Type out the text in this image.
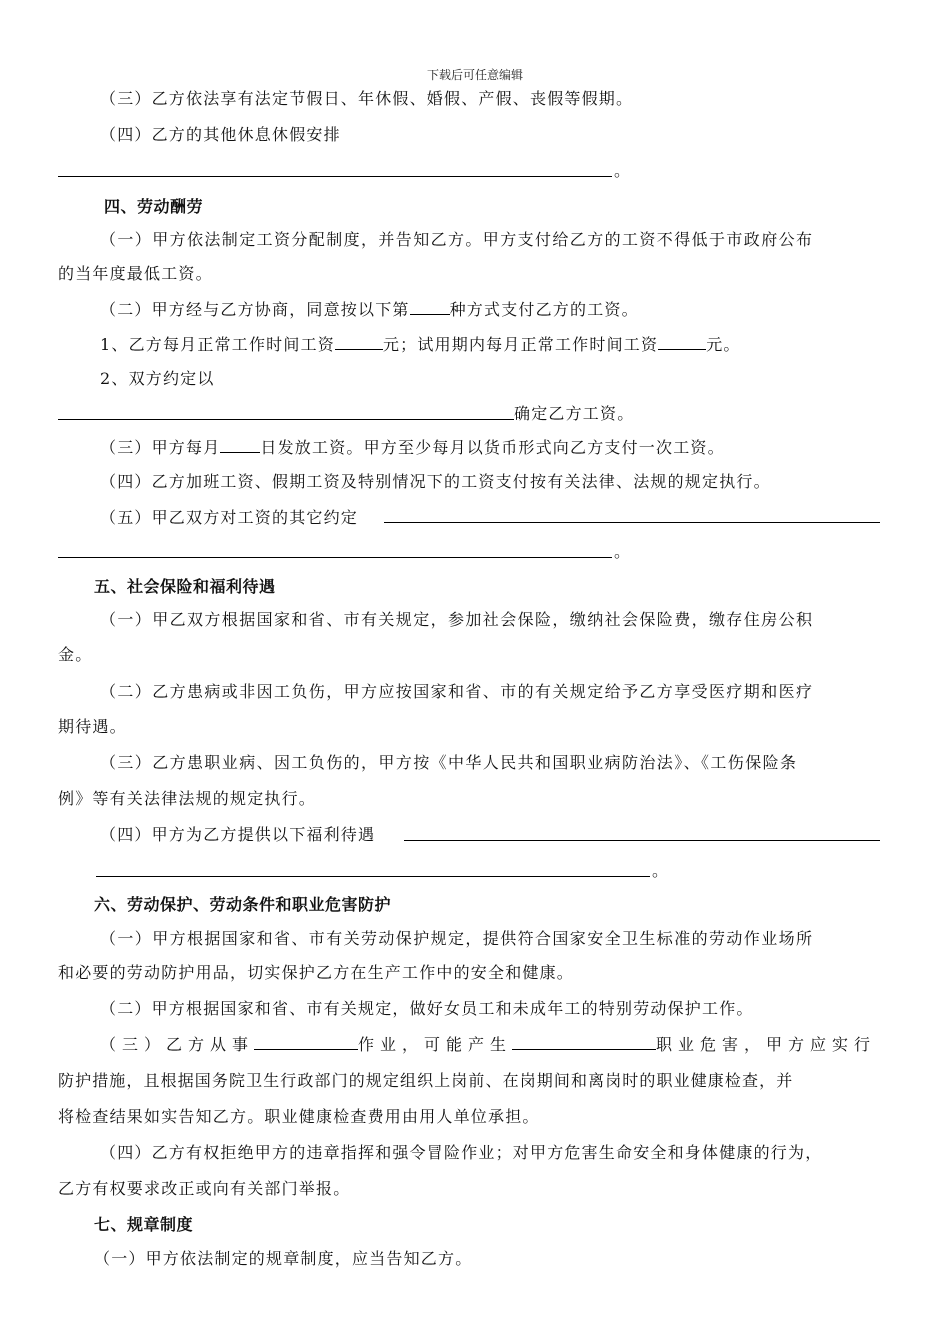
下载后可任意编辑
（三）乙方依法享有法定节假日、年休假、婚假、产假、丧假等假期。
（四）乙方的其他休息休假安排
。
四、劳动酬劳
（一）甲方依法制定工资分配制度，并告知乙方。甲方支付给乙方的工资不得低于市政府公布
的当年度最低工资。
（二）甲方经与乙方协商，同意按以下第	种方式支付乙方的工资。
1、乙方每月正常工作时间工资	元；试用期内每月正常工作时间工资	元。
2、双方约定以
确定乙方工资。
（三）甲方每月	日发放工资。甲方至少每月以货币形式向乙方支付一次工资。
（四）乙方加班工资、假期工资及特别情况下的工资支付按有关法律、法规的规定执行。
（五）甲乙双方对工资的其它约定
。
五、社会保险和福利待遇
（一）甲乙双方根据国家和省、市有关规定，参加社会保险，缴纳社会保险费，缴存住房公积
金。
（二）乙方患病或非因工负伤，甲方应按国家和省、市的有关规定给予乙方享受医疗期和医疗
期待遇。
（三）乙方患职业病、因工负伤的，甲方按《中华人民共和国职业病防治法》、《工伤保险条
例》等有关法律法规的规定执行。
（四）甲方为乙方提供以下福利待遇
。
六、劳动保护、劳动条件和职业危害防护
（一）甲方根据国家和省、市有关劳动保护规定，提供符合国家安全卫生标准的劳动作业场所
和必要的劳动防护用品，切实保护乙方在生产工作中的安全和健康。
（二）甲方根据国家和省、市有关规定，做好女员工和未成年工的特别劳动保护工作。
（三）乙方从事	作业，可能产生	职业危害，甲方应实行
防护措施，且根据国务院卫生行政部门的规定组织上岗前、在岗期间和离岗时的职业健康检查，并
将检查结果如实告知乙方。职业健康检查费用由用人单位承担。
（四）乙方有权拒绝甲方的违章指挥和强令冒险作业；对甲方危害生命安全和身体健康的行为，
乙方有权要求改正或向有关部门举报。
七、规章制度
（一）甲方依法制定的规章制度，应当告知乙方。
